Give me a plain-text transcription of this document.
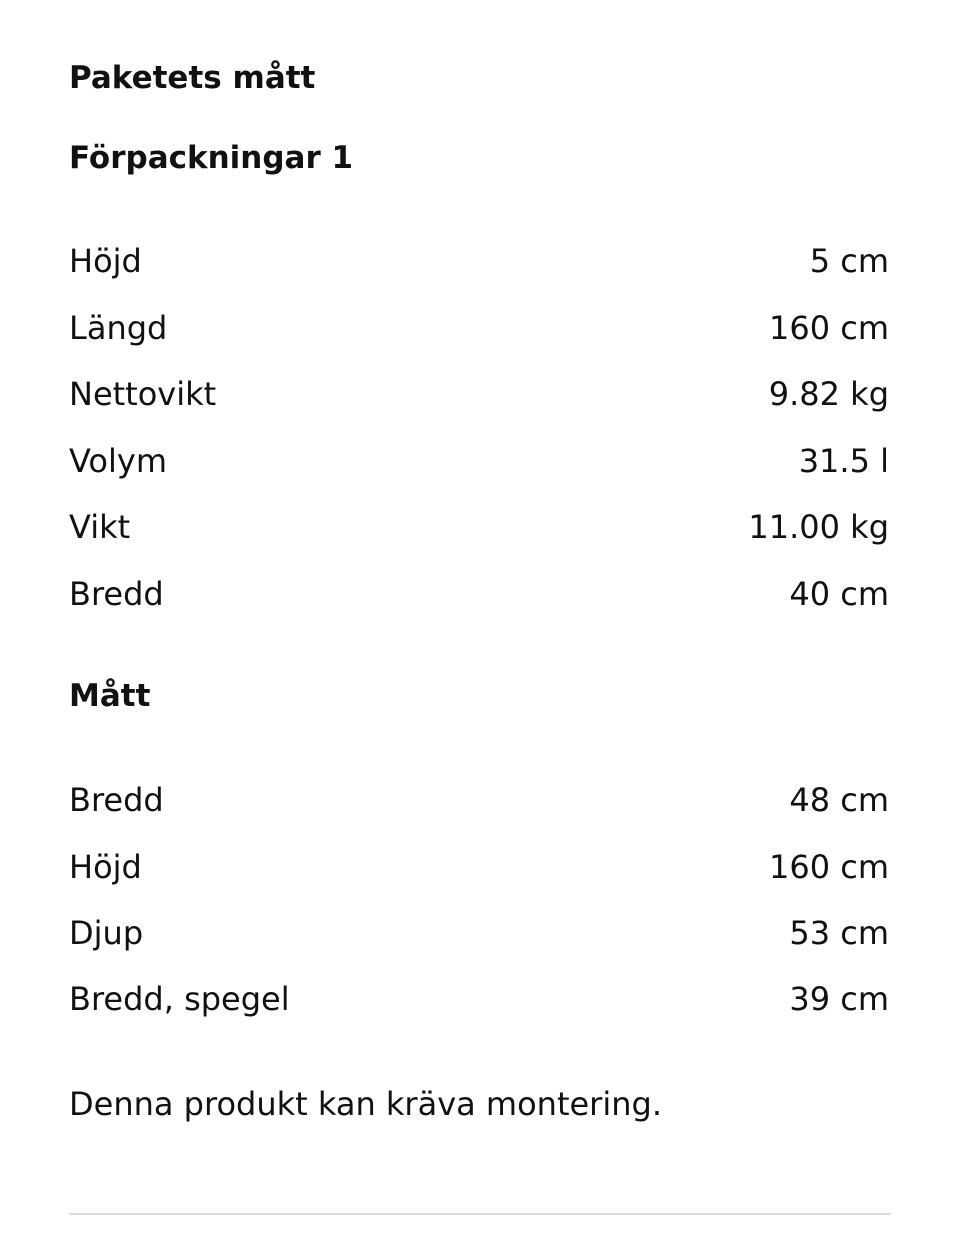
Paketets mått
Förpackningar 1
Höjd	5 cm
Längd	160 cm
Nettovikt	9.82 kg
Volym	31.5 l
Vikt	11.00 kg
Bredd	40 cm
Mått
Bredd	48 cm
Höjd	160 cm
Djup	53 cm
Bredd, spegel	39 cm
Denna produkt kan kräva montering.
